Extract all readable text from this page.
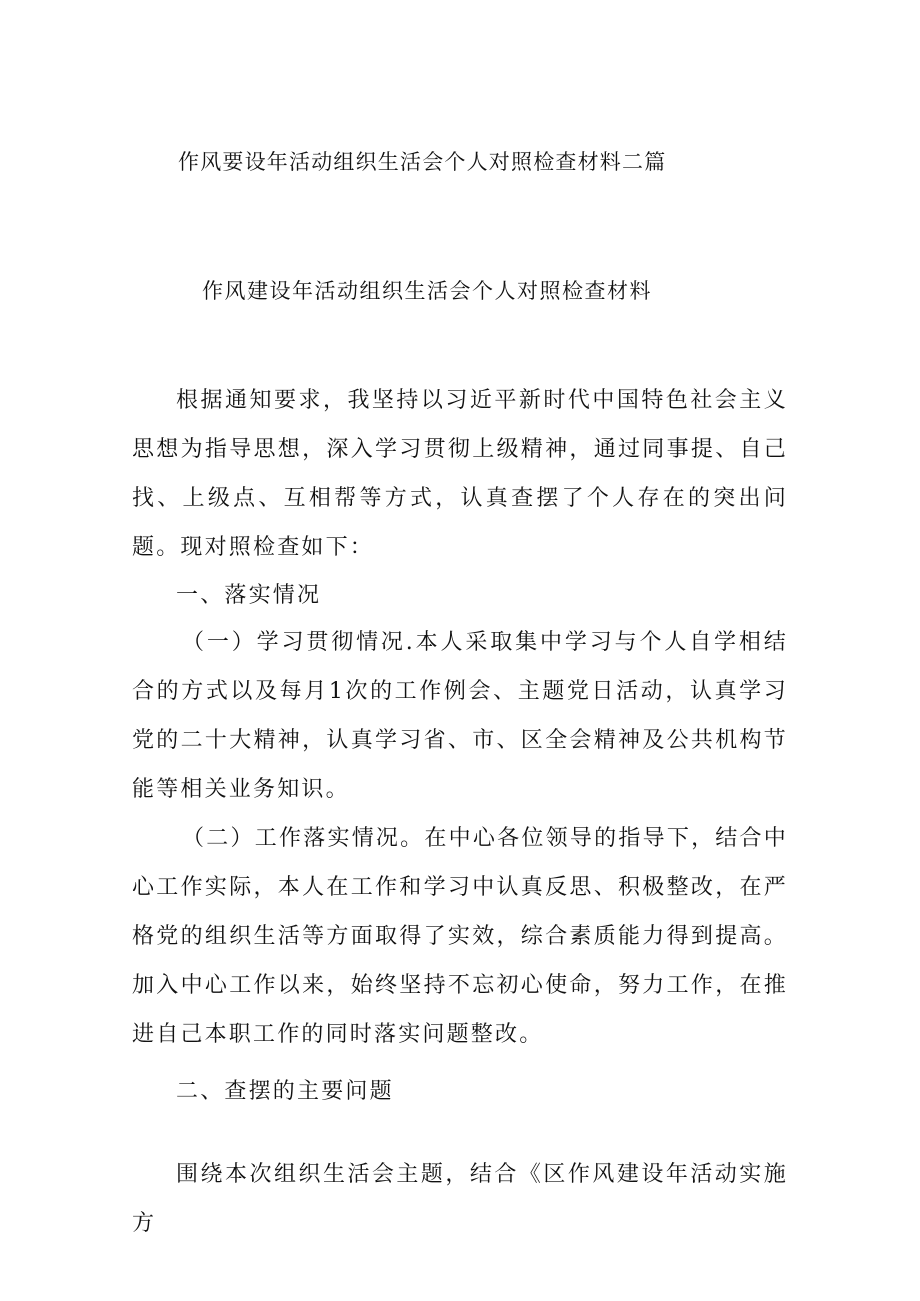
作风要设年活动组织生活会个人对照检查材料二篇
作风建设年活动组织生活会个人对照检查材料

根据通知要求，我坚持以习近平新时代中国特色社会主义思想为指导思想，深入学习贯彻上级精神，通过同事提、自己找、上级点、互相帮等方式，认真查摆了个人存在的突出问题。现对照检查如下：

一、落实情况

（一）学习贯彻情况.本人采取集中学习与个人自学相结合的方式以及每月1次的工作例会、主题党日活动，认真学习党的二十大精神，认真学习省、市、区全会精神及公共机构节能等相关业务知识。

（二）工作落实情况。在中心各位领导的指导下，结合中心工作实际，本人在工作和学习中认真反思、积极整改，在严格党的组织生活等方面取得了实效，综合素质能力得到提高。加入中心工作以来，始终坚持不忘初心使命，努力工作，在推进自己本职工作的同时落实问题整改。

二、查摆的主要问题

围绕本次组织生活会主题，结合《区作风建设年活动实施方
